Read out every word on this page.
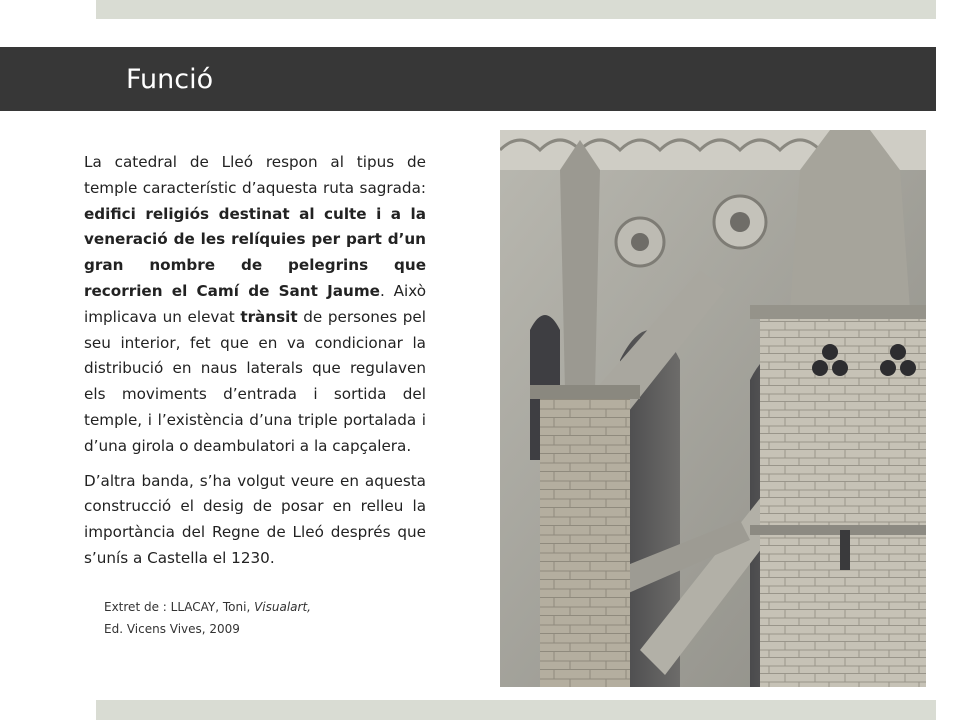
Funció

La catedral de Lleó respon al tipus de temple característic d’aquesta ruta sagrada: edifici religiós destinat al culte i a la veneració de les relíquies per part d’un gran nombre de pelegrins que recorrien el Camí de Sant Jaume. Això implicava un elevat trànsit de persones pel seu interior, fet que en va condicionar la distribució en naus laterals que regulaven els moviments d’entrada i sortida del temple, i l’existència d’una triple portalada i d’una girola o deambulatori a la capçalera.

D’altra banda, s’ha volgut veure en aquesta construcció el desig de posar en relleu la importància del Regne de Lleó després que s’unís a Castella el 1230.

Extret de : LLACAY, Toni, Visualart,
Ed. Vicens Vives, 2009
